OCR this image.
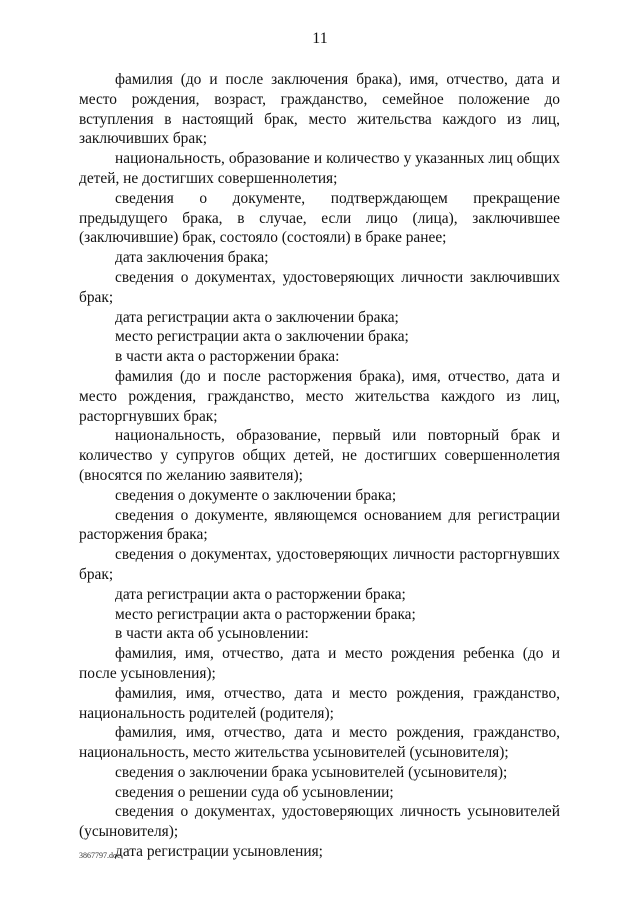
11

фамилия (до и после заключения брака), имя, отчество, дата и место рождения, возраст, гражданство, семейное положение до вступления в настоящий брак, место жительства каждого из лиц, заключивших брак;

национальность, образование и количество у указанных лиц общих детей, не достигших совершеннолетия;

сведения о документе, подтверждающем прекращение предыдущего брака, в случае, если лицо (лица), заключившее (заключившие) брак, состояло (состояли) в браке ранее;

дата заключения брака;

сведения о документах, удостоверяющих личности заключивших брак;

дата регистрации акта о заключении брака;

место регистрации акта о заключении брака;

в части акта о расторжении брака:

фамилия (до и после расторжения брака), имя, отчество, дата и место рождения, гражданство, место жительства каждого из лиц, расторгнувших брак;

национальность, образование, первый или повторный брак и количество у супругов общих детей, не достигших совершеннолетия (вносятся по желанию заявителя);

сведения о документе о заключении брака;

сведения о документе, являющемся основанием для регистрации расторжения брака;

сведения о документах, удостоверяющих личности расторгнувших брак;

дата регистрации акта о расторжении брака;

место регистрации акта о расторжении брака;

в части акта об усыновлении:

фамилия, имя, отчество, дата и место рождения ребенка (до и после усыновления);

фамилия, имя, отчество, дата и место рождения, гражданство, национальность родителей (родителя);

фамилия, имя, отчество, дата и место рождения, гражданство, национальность, место жительства усыновителей (усыновителя);

сведения о заключении брака усыновителей (усыновителя);

сведения о решении суда об усыновлении;

сведения о документах, удостоверяющих личность усыновителей (усыновителя);

дата регистрации усыновления;

3867797.doc
